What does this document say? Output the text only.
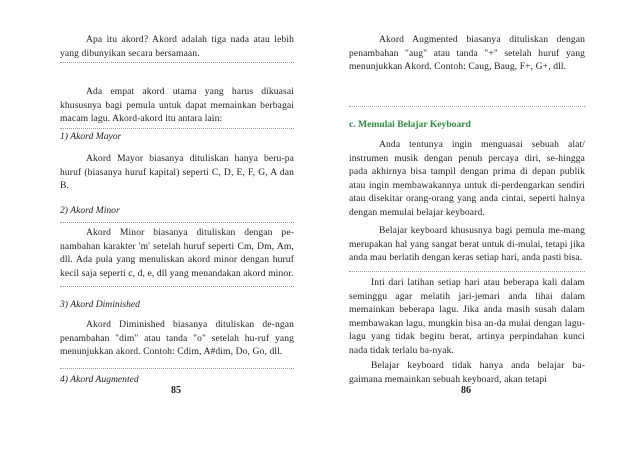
Apa itu akord? Akord adalah tiga nada atau lebih yang dibunyikan secara bersamaan.

Ada empat akord utama yang harus dikuasai khususnya bagi pemula untuk dapat memainkan berbagai macam lagu. Akord-akord itu antara lain:

1) Akord Mayor

Akord Mayor biasanya dituliskan hanya beru-pa huruf (biasanya huruf kapital) seperti C, D, E, F, G, A dan B.

2) Akord Minor

Akord Minor biasanya dituliskan dengan pe-nambahan karakter 'm' setelah huruf seperti Cm, Dm, Am, dll. Ada pula yang menuliskan akord minor dengan huruf kecil saja seperti c, d, e, dll yang menandakan akord minor.

3) Akord Diminished

Akord Diminished biasanya dituliskan de-ngan penambahan "dim" atau tanda "o" setelah hu-ruf yang menunjukkan akord. Contoh: Cdim, A#dim, Do, Go, dll.

4) Akord Augmented

85

Akord Augmented biasanya dituliskan dengan penambahan "aug" atau tanda "+" setelah huruf yang menunjukkan Akord. Contoh: Caug, Baug, F+, G+, dll.

c. Memulai Belajar Keyboard

Anda tentunya ingin menguasai sebuah alat/ instrumen musik dengan penuh percaya diri, se-hingga pada akhirnya bisa tampil dengan prima di depan publik atau ingin membawakannya untuk di-perdengarkan sendiri atau disekitar orang-orang yang anda cintai, seperti halnya dengan memulai belajar keyboard.

Belajar keyboard khususnya bagi pemula me-mang merupakan hal yang sangat berat untuk di-mulai, tetapi jika anda mau berlatih dengan keras setiap hari, anda pasti bisa.

Inti dari latihan setiap hari atau beberapa kali dalam seminggu agar melatih jari-jemari anda lihai dalam memainkan beberapa lagu. Jika anda masih susah dalam membawakan lagu, mungkin bisa an-da mulai dengan lagu-lagu yang tidak begitu berat, artinya perpindahan kunci nada tidak terlalu ba-nyak.

Belajar keyboard tidak hanya anda belajar ba-gaimana memainkan sebuah keyboard, akan tetapi

86
